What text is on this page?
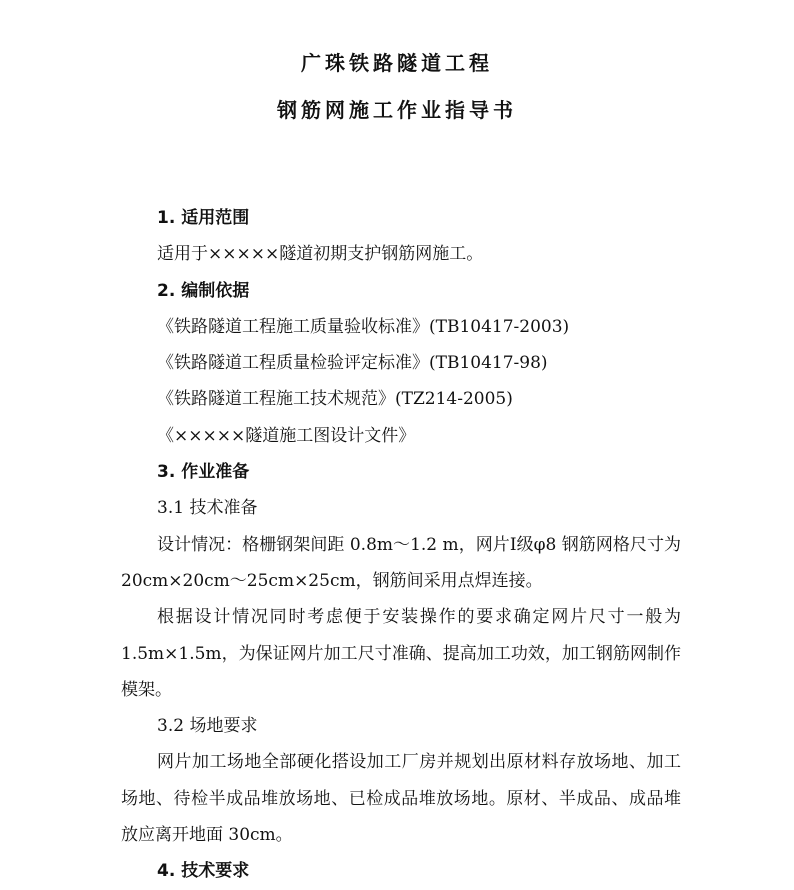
广珠铁路隧道工程
钢筋网施工作业指导书

1. 适用范围

适用于×××××隧道初期支护钢筋网施工。

2. 编制依据

《铁路隧道工程施工质量验收标准》(TB10417-2003)

《铁路隧道工程质量检验评定标准》(TB10417-98)

《铁路隧道工程施工技术规范》(TZ214-2005)

《×××××隧道施工图设计文件》

3. 作业准备

3.1 技术准备

设计情况：格栅钢架间距 0.8m～1.2 m，网片Ⅰ级φ8 钢筋网格尺寸为 20cm×20cm～25cm×25cm，钢筋间采用点焊连接。

根据设计情况同时考虑便于安装操作的要求确定网片尺寸一般为 1.5m×1.5m，为保证网片加工尺寸准确、提高加工功效，加工钢筋网制作模架。

3.2 场地要求

网片加工场地全部硬化搭设加工厂房并规划出原材料存放场地、加工场地、待检半成品堆放场地、已检成品堆放场地。原材、半成品、成品堆放应离开地面 30cm。

4. 技术要求
